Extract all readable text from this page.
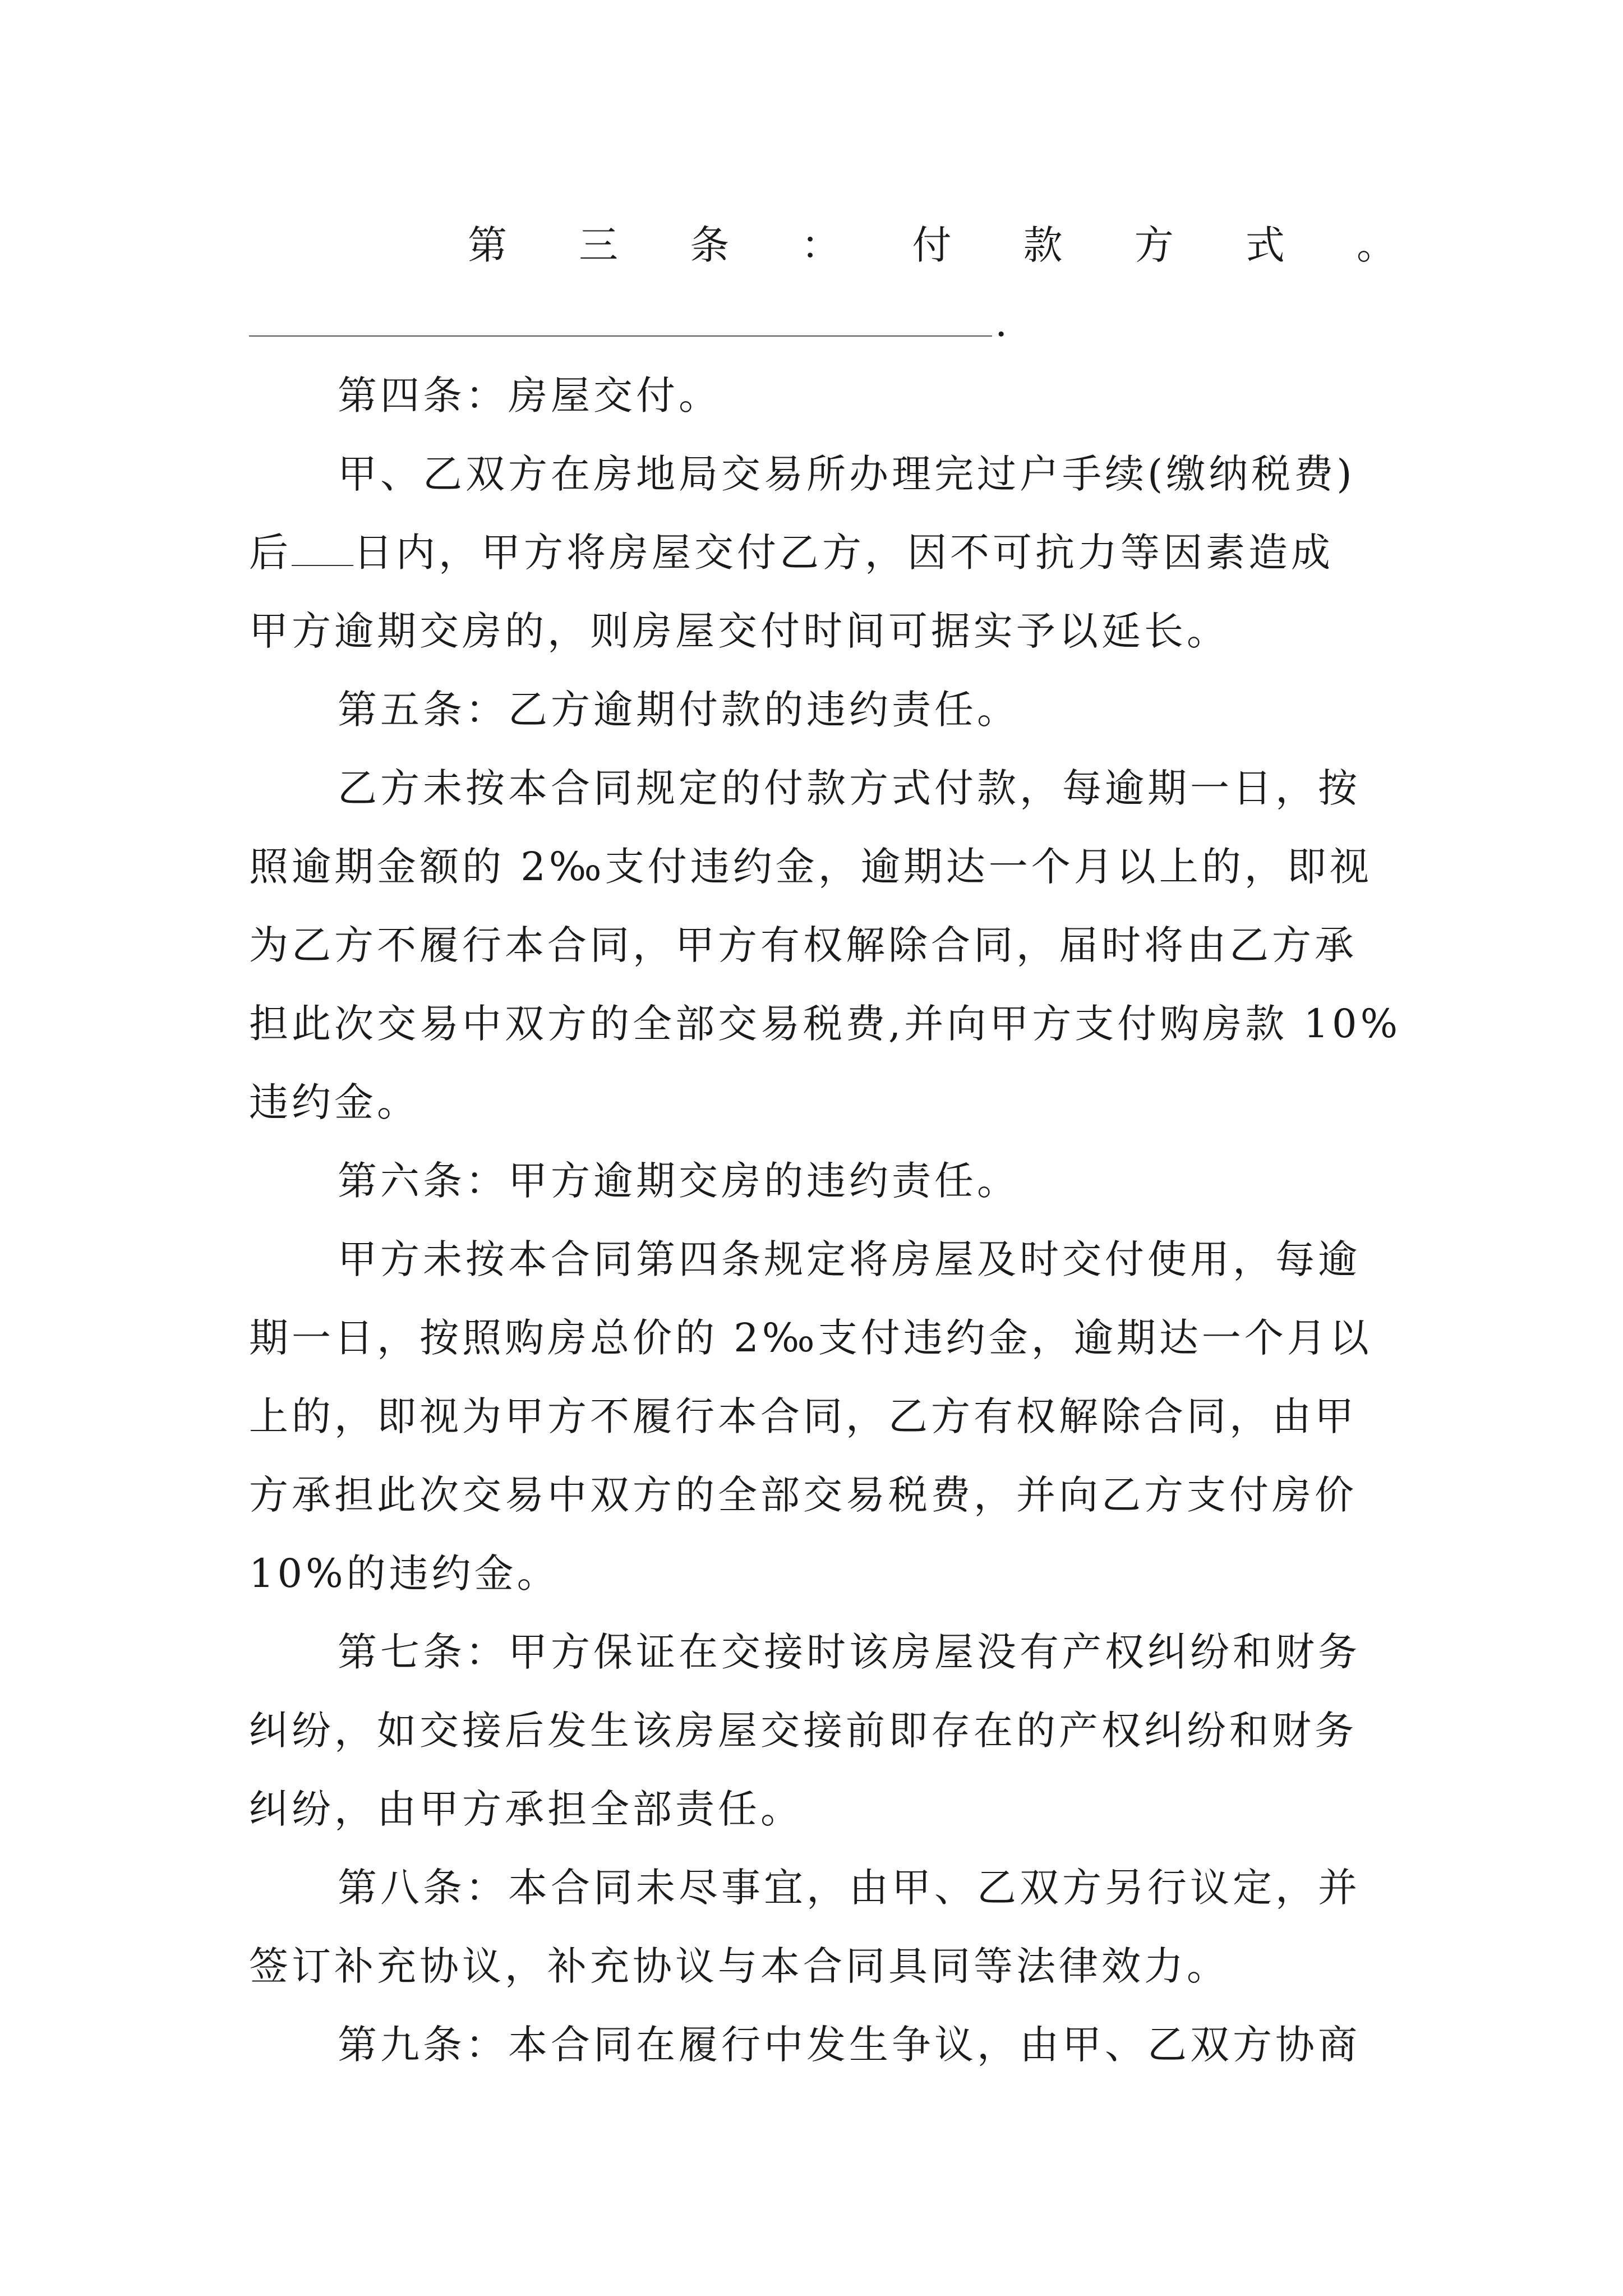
第 三 条 ： 付 款 方 式 。
.
第四条：房屋交付。
甲、乙双方在房地局交易所办理完过户手续(缴纳税费)
后 日内，甲方将房屋交付乙方，因不可抗力等因素造成
甲方逾期交房的，则房屋交付时间可据实予以延长。
第五条：乙方逾期付款的违约责任。
乙方未按本合同规定的付款方式付款，每逾期一日，按
照逾期金额的 2‰支付违约金，逾期达一个月以上的，即视
为乙方不履行本合同，甲方有权解除合同，届时将由乙方承
担此次交易中双方的全部交易税费,并向甲方支付购房款 10%
违约金。
第六条：甲方逾期交房的违约责任。
甲方未按本合同第四条规定将房屋及时交付使用，每逾
期一日，按照购房总价的 2‰支付违约金，逾期达一个月以
上的，即视为甲方不履行本合同，乙方有权解除合同，由甲
方承担此次交易中双方的全部交易税费，并向乙方支付房价
10%的违约金。
第七条：甲方保证在交接时该房屋没有产权纠纷和财务
纠纷，如交接后发生该房屋交接前即存在的产权纠纷和财务
纠纷，由甲方承担全部责任。
第八条：本合同未尽事宜，由甲、乙双方另行议定，并
签订补充协议，补充协议与本合同具同等法律效力。
第九条：本合同在履行中发生争议，由甲、乙双方协商
